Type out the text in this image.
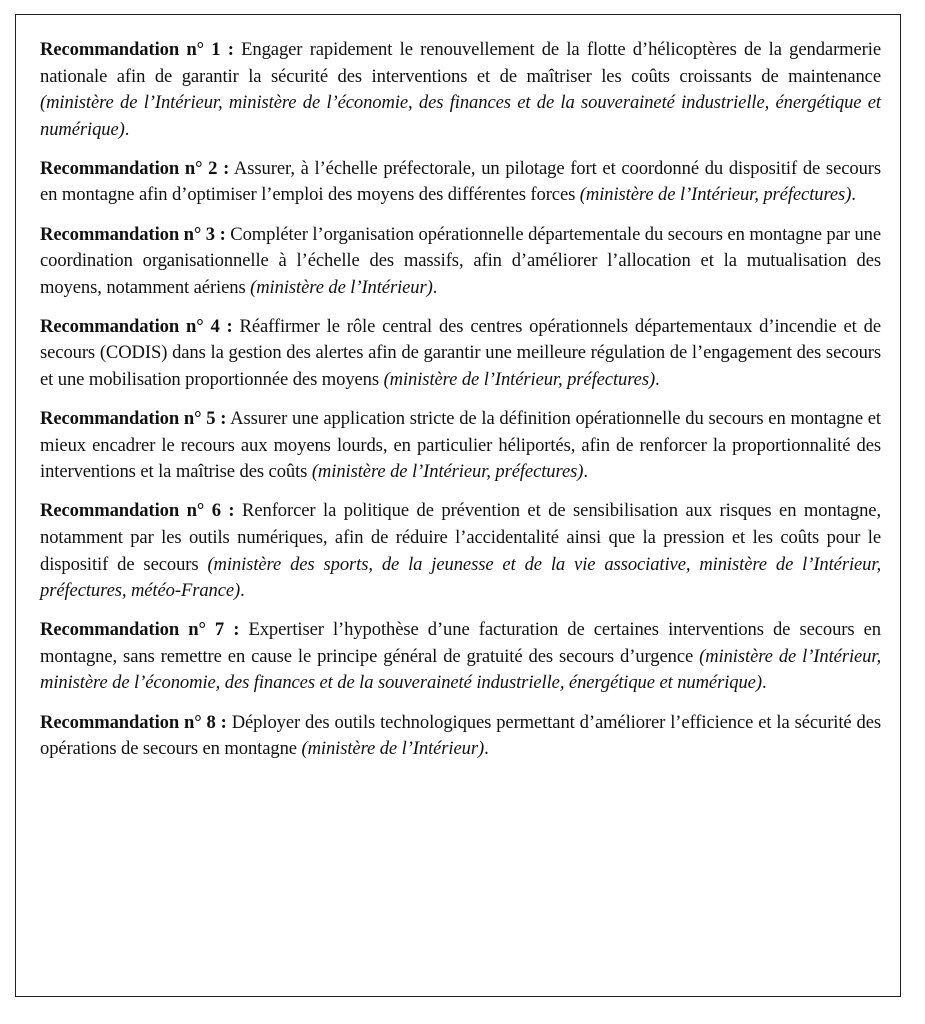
Recommandation n° 1 : Engager rapidement le renouvellement de la flotte d’hélicoptères de la gendarmerie nationale afin de garantir la sécurité des interventions et de maîtriser les coûts croissants de maintenance (ministère de l’Intérieur, ministère de l’économie, des finances et de la souveraineté industrielle, énergétique et numérique).

Recommandation n° 2 : Assurer, à l’échelle préfectorale, un pilotage fort et coordonné du dispositif de secours en montagne afin d’optimiser l’emploi des moyens des différentes forces (ministère de l’Intérieur, préfectures).

Recommandation n° 3 : Compléter l’organisation opérationnelle départementale du secours en montagne par une coordination organisationnelle à l’échelle des massifs, afin d’améliorer l’allocation et la mutualisation des moyens, notamment aériens (ministère de l’Intérieur).

Recommandation n° 4 : Réaffirmer le rôle central des centres opérationnels départementaux d’incendie et de secours (CODIS) dans la gestion des alertes afin de garantir une meilleure régulation de l’engagement des secours et une mobilisation proportionnée des moyens (ministère de l’Intérieur, préfectures).

Recommandation n° 5 : Assurer une application stricte de la définition opérationnelle du secours en montagne et mieux encadrer le recours aux moyens lourds, en particulier héliportés, afin de renforcer la proportionnalité des interventions et la maîtrise des coûts (ministère de l’Intérieur, préfectures).

Recommandation n° 6 : Renforcer la politique de prévention et de sensibilisation aux risques en montagne, notamment par les outils numériques, afin de réduire l’accidentalité ainsi que la pression et les coûts pour le dispositif de secours (ministère des sports, de la jeunesse et de la vie associative, ministère de l’Intérieur, préfectures, météo-France).

Recommandation n° 7 : Expertiser l’hypothèse d’une facturation de certaines interventions de secours en montagne, sans remettre en cause le principe général de gratuité des secours d’urgence (ministère de l’Intérieur, ministère de l’économie, des finances et de la souveraineté industrielle, énergétique et numérique).

Recommandation n° 8 : Déployer des outils technologiques permettant d’améliorer l’efficience et la sécurité des opérations de secours en montagne (ministère de l’Intérieur).
